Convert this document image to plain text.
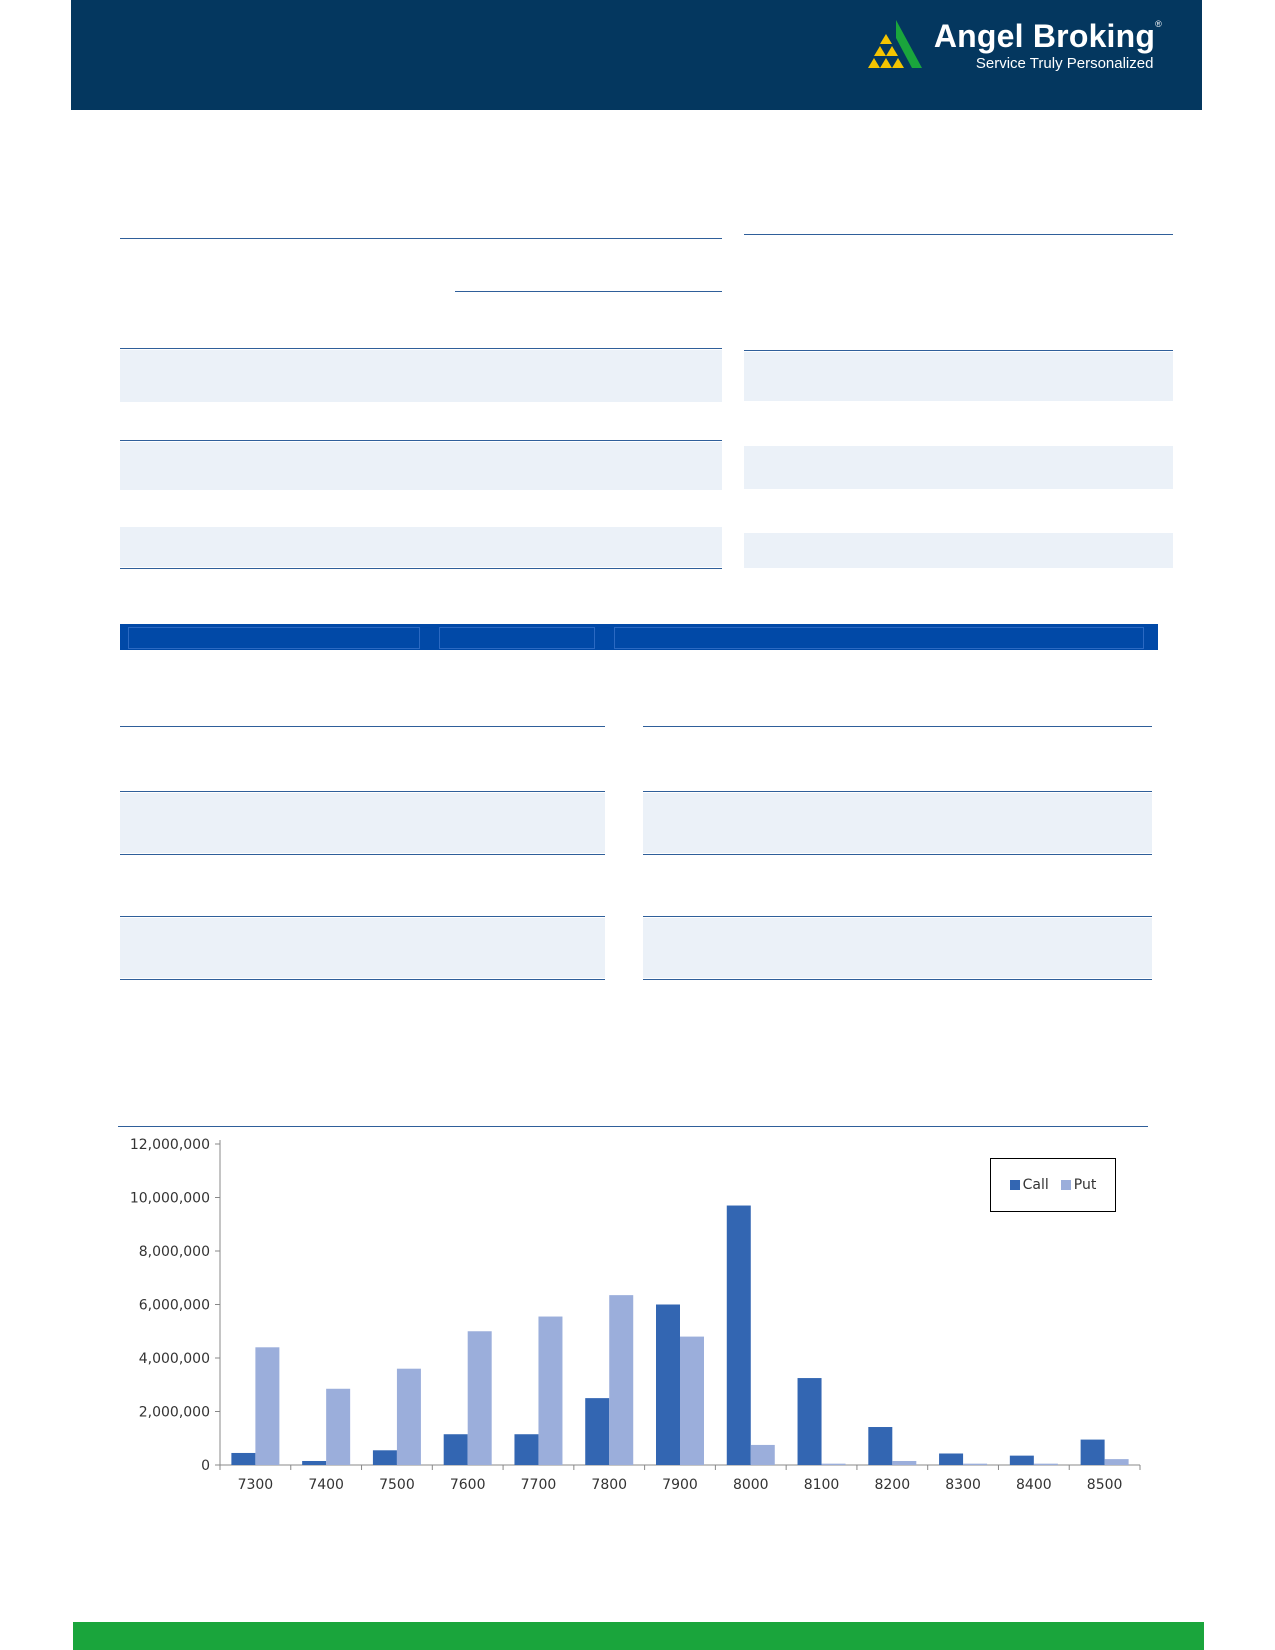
Angel Broking®
Service Truly Personalized
0
2,000,000
4,000,000
6,000,000
8,000,000
10,000,000
12,000,000
7300	7400	7500	7600	7700	7800	7900	8000	8100	8200	8300	8400	8500
Call Put
